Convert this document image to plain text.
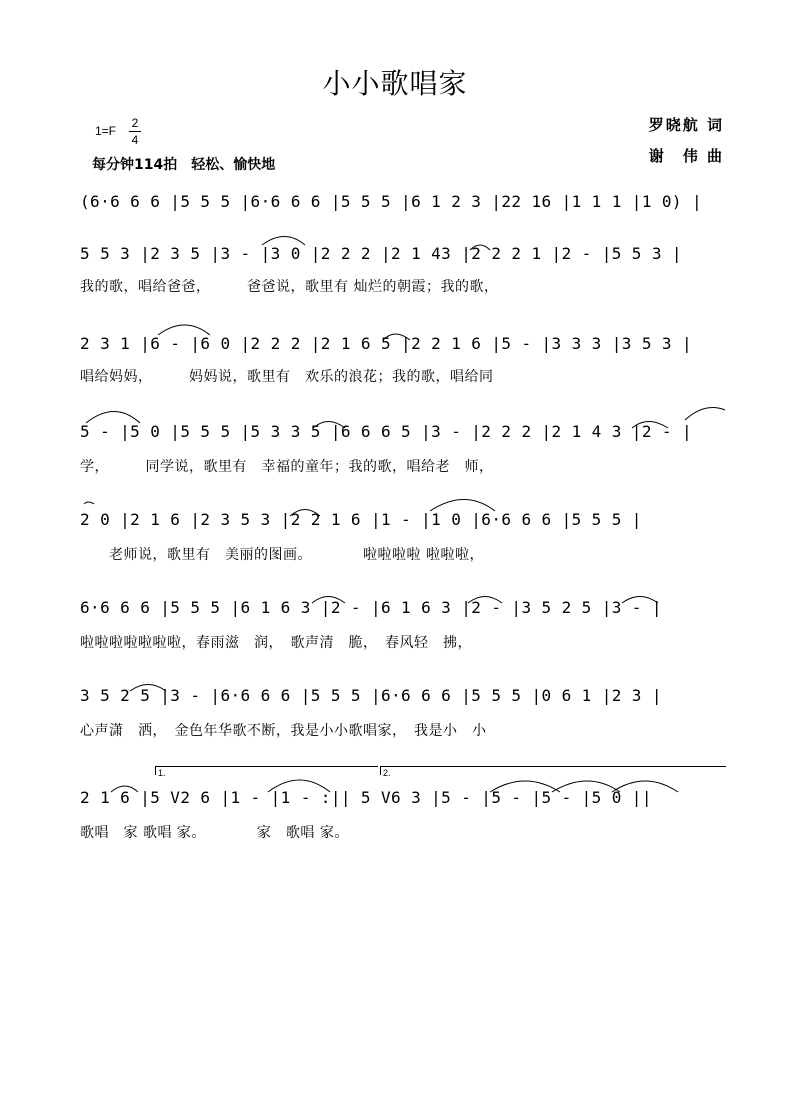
小小歌唱家
1=F
2
4
每分钟114拍　轻松、愉快地
罗晓航 词
谢　伟 曲
(6·6 6 6 |5 5 5 |6·6 6 6 |5 5 5 |6 1 2 3 |22 16 |1 1 1 |1 0) |
5 5 3 |2 3 5 |3 - |3 0 |2 2 2 |2 1 43 |2 2 2 1 |2 - |5 5 3 |
我的歌，唱给爸爸，　　　爸爸说，歌里有 灿烂的朝霞；我的歌，
2 3 1 |6 - |6 0 |2 2 2 |2 1 6 5 |2 2 1 6 |5 - |3 3 3 |3 5 3 |
唱给妈妈，　　　妈妈说，歌里有　欢乐的浪花；我的歌，唱给同
5 - |5 0 |5 5 5 |5 3 3 5 |6 6 6 5 |3 - |2 2 2 |2 1 4 3 |2 - |
学，　　　同学说，歌里有　幸福的童年；我的歌，唱给老　师，
2 0 |2 1 6 |2 3 5 3 |2 2 1 6 |1 - |1 0 |6·6 6 6 |5 5 5 |
　　老师说，歌里有　美丽的图画。　　　　啦啦啦啦 啦啦啦，
6·6 6 6 |5 5 5 |6 1 6 3 |2 - |6 1 6 3 |2 - |3 5 2 5 |3 - |
啦啦啦啦啦啦啦，春雨滋　润，　歌声清　脆，　春风轻　拂，
3 5 2 5 |3 - |6·6 6 6 |5 5 5 |6·6 6 6 |5 5 5 |0 6 1 |2 3 |
心声潇　洒，　金色年华歌不断，我是小小歌唱家，　我是小　小
1.	2.
2 1 6 |5 V2 6 |1 - |1 - :|| 5 V6 3 |5 - |5 - |5 - |5 0 ||
歌唱　家 歌唱 家。　　　　家　歌唱 家。
